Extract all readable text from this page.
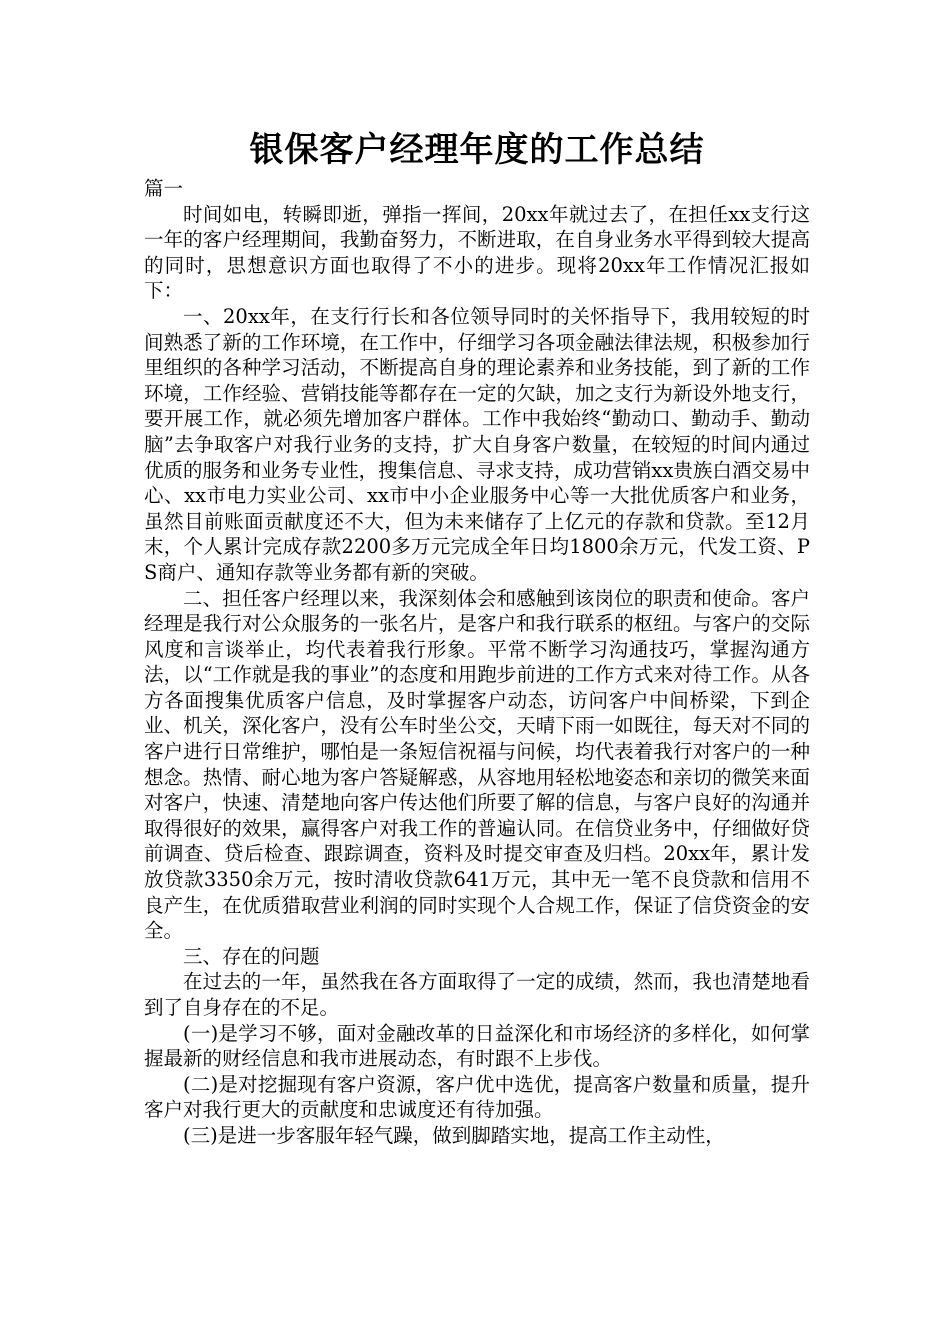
银保客户经理年度的工作总结

篇一

时间如电，转瞬即逝，弹指一挥间，20xx年就过去了，在担任xx支行这一年的客户经理期间，我勤奋努力，不断进取，在自身业务水平得到较大提高的同时，思想意识方面也取得了不小的进步。现将20xx年工作情况汇报如下：

一、20xx年，在支行行长和各位领导同时的关怀指导下，我用较短的时间熟悉了新的工作环境，在工作中，仔细学习各项金融法律法规，积极参加行里组织的各种学习活动，不断提高自身的理论素养和业务技能，到了新的工作环境，工作经验、营销技能等都存在一定的欠缺，加之支行为新设外地支行，要开展工作，就必须先增加客户群体。工作中我始终“勤动口、勤动手、勤动脑”去争取客户对我行业务的支持，扩大自身客户数量，在较短的时间内通过优质的服务和业务专业性，搜集信息、寻求支持，成功营销xx贵族白酒交易中心、xx市电力实业公司、xx市中小企业服务中心等一大批优质客户和业务，虽然目前账面贡献度还不大，但为未来储存了上亿元的存款和贷款。至12月末，个人累计完成存款2200多万元完成全年日均1800余万元，代发工资、PS商户、通知存款等业务都有新的突破。

二、担任客户经理以来，我深刻体会和感触到该岗位的职责和使命。客户经理是我行对公众服务的一张名片，是客户和我行联系的枢纽。与客户的交际风度和言谈举止，均代表着我行形象。平常不断学习沟通技巧，掌握沟通方法，以“工作就是我的事业”的态度和用跑步前进的工作方式来对待工作。从各方各面搜集优质客户信息，及时掌握客户动态，访问客户中间桥梁，下到企业、机关，深化客户，没有公车时坐公交，天晴下雨一如既往，每天对不同的客户进行日常维护，哪怕是一条短信祝福与问候，均代表着我行对客户的一种想念。热情、耐心地为客户答疑解惑，从容地用轻松地姿态和亲切的微笑来面对客户，快速、清楚地向客户传达他们所要了解的信息，与客户良好的沟通并取得很好的效果，赢得客户对我工作的普遍认同。在信贷业务中，仔细做好贷前调查、贷后检查、跟踪调查，资料及时提交审查及归档。20xx年，累计发放贷款3350余万元，按时清收贷款641万元，其中无一笔不良贷款和信用不良产生，在优质猎取营业利润的同时实现个人合规工作，保证了信贷资金的安全。

三、存在的问题

在过去的一年，虽然我在各方面取得了一定的成绩，然而，我也清楚地看到了自身存在的不足。

(一)是学习不够，面对金融改革的日益深化和市场经济的多样化，如何掌握最新的财经信息和我市进展动态，有时跟不上步伐。

(二)是对挖掘现有客户资源，客户优中选优，提高客户数量和质量，提升客户对我行更大的贡献度和忠诚度还有待加强。

(三)是进一步客服年轻气躁，做到脚踏实地，提高工作主动性，
